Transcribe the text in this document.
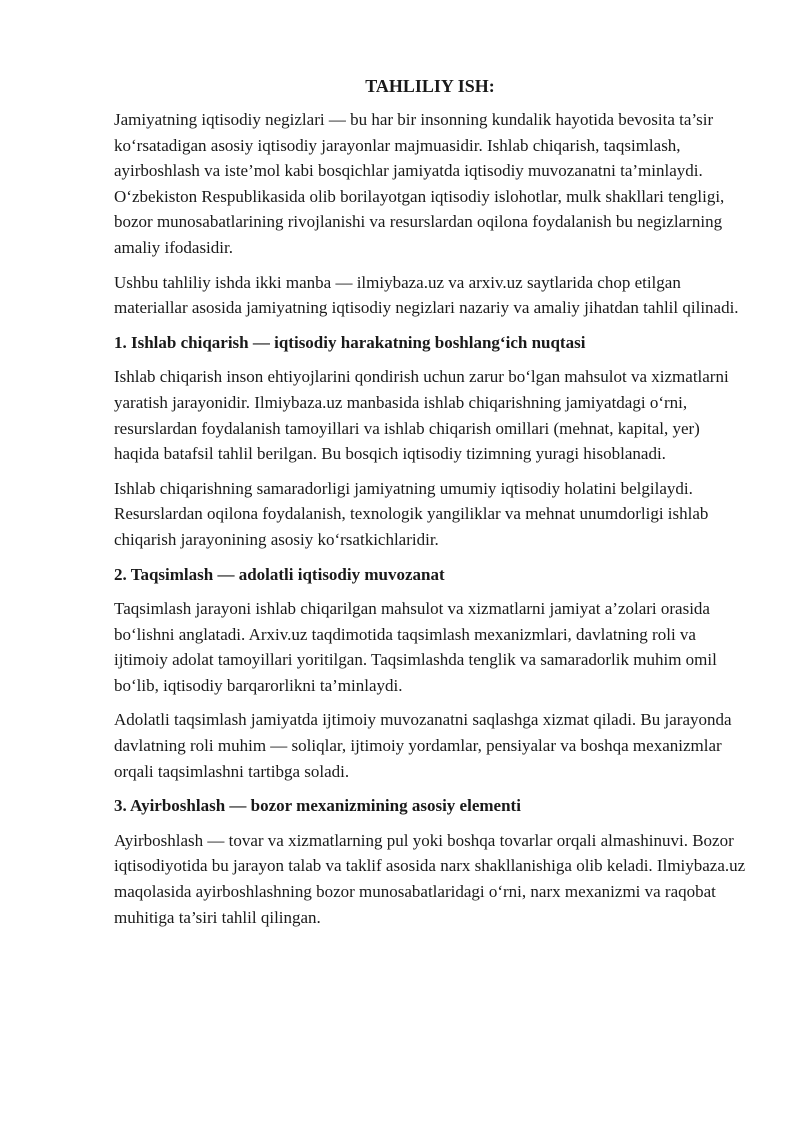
TAHLILIY ISH:

Jamiyatning iqtisodiy negizlari — bu har bir insonning kundalik hayotida bevosita ta’sir ko‘rsatadigan asosiy iqtisodiy jarayonlar majmuasidir. Ishlab chiqarish, taqsimlash, ayirboshlash va iste’mol kabi bosqichlar jamiyatda iqtisodiy muvozanatni ta’minlaydi. O‘zbekiston Respublikasida olib borilayotgan iqtisodiy islohotlar, mulk shakllari tengligi, bozor munosabatlarining rivojlanishi va resurslardan oqilona foydalanish bu negizlarning amaliy ifodasidir.

Ushbu tahliliy ishda ikki manba — ilmiybaza.uz va arxiv.uz saytlarida chop etilgan materiallar asosida jamiyatning iqtisodiy negizlari nazariy va amaliy jihatdan tahlil qilinadi.

1. Ishlab chiqarish — iqtisodiy harakatning boshlang‘ich nuqtasi

Ishlab chiqarish inson ehtiyojlarini qondirish uchun zarur bo‘lgan mahsulot va xizmatlarni yaratish jarayonidir. Ilmiybaza.uz manbasida ishlab chiqarishning jamiyatdagi o‘rni, resurslardan foydalanish tamoyillari va ishlab chiqarish omillari (mehnat, kapital, yer) haqida batafsil tahlil berilgan. Bu bosqich iqtisodiy tizimning yuragi hisoblanadi.

Ishlab chiqarishning samaradorligi jamiyatning umumiy iqtisodiy holatini belgilaydi. Resurslardan oqilona foydalanish, texnologik yangiliklar va mehnat unumdorligi ishlab chiqarish jarayonining asosiy ko‘rsatkichlaridir.

2. Taqsimlash — adolatli iqtisodiy muvozanat

Taqsimlash jarayoni ishlab chiqarilgan mahsulot va xizmatlarni jamiyat a’zolari orasida bo‘lishni anglatadi. Arxiv.uz taqdimotida taqsimlash mexanizmlari, davlatning roli va ijtimoiy adolat tamoyillari yoritilgan. Taqsimlashda tenglik va samaradorlik muhim omil bo‘lib, iqtisodiy barqarorlikni ta’minlaydi.

Adolatli taqsimlash jamiyatda ijtimoiy muvozanatni saqlashga xizmat qiladi. Bu jarayonda davlatning roli muhim — soliqlar, ijtimoiy yordamlar, pensiyalar va boshqa mexanizmlar orqali taqsimlashni tartibga soladi.

3. Ayirboshlash — bozor mexanizmining asosiy elementi

Ayirboshlash — tovar va xizmatlarning pul yoki boshqa tovarlar orqali almashinuvi. Bozor iqtisodiyotida bu jarayon talab va taklif asosida narx shakllanishiga olib keladi. Ilmiybaza.uz maqolasida ayirboshlashning bozor munosabatlaridagi o‘rni, narx mexanizmi va raqobat muhitiga ta’siri tahlil qilingan.
